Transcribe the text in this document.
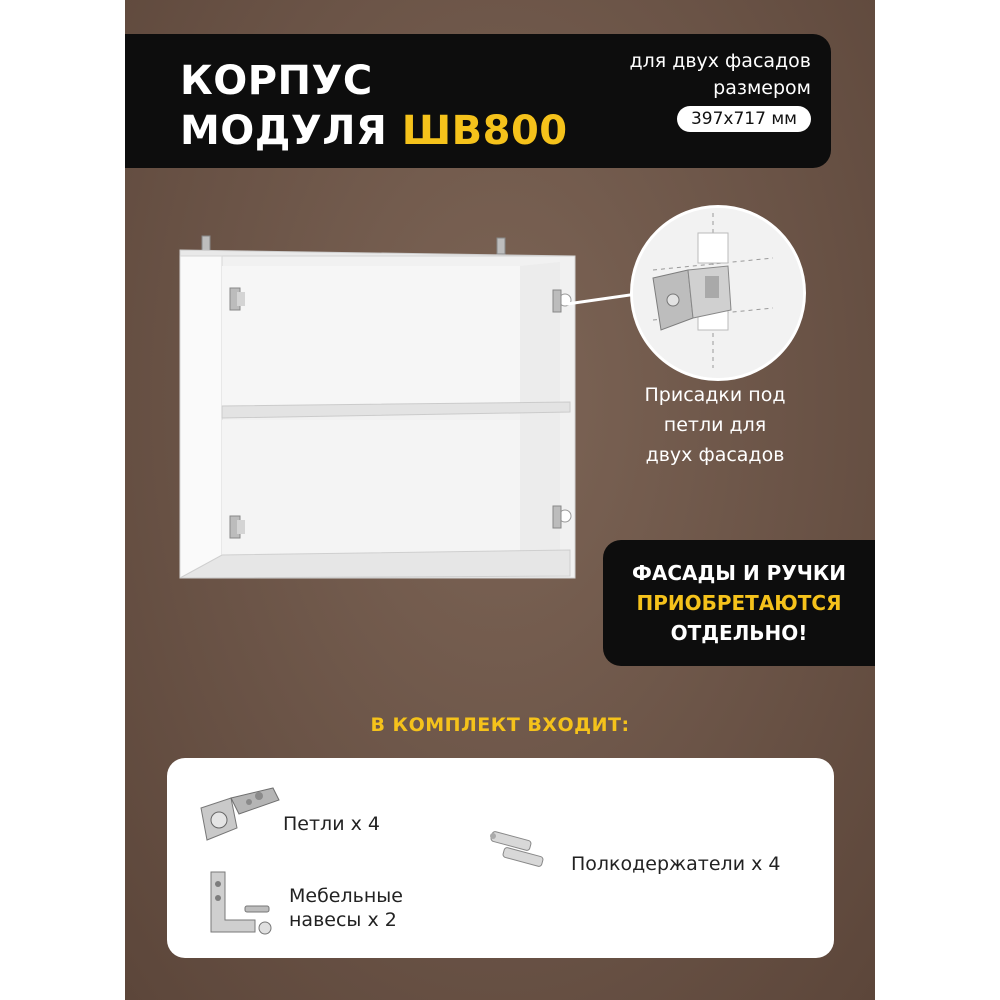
КОРПУС
МОДУЛЯ ШВ800
для двух фасадов
размером
397x717 мм
Присадки под
петли для
двух фасадов
ФАСАДЫ И РУЧКИ
ПРИОБРЕТАЮТСЯ
ОТДЕЛЬНО!
В КОМПЛЕКТ ВХОДИТ:
Петли х 4
Полкодержатели х 4
Мебельные
навесы х 2
